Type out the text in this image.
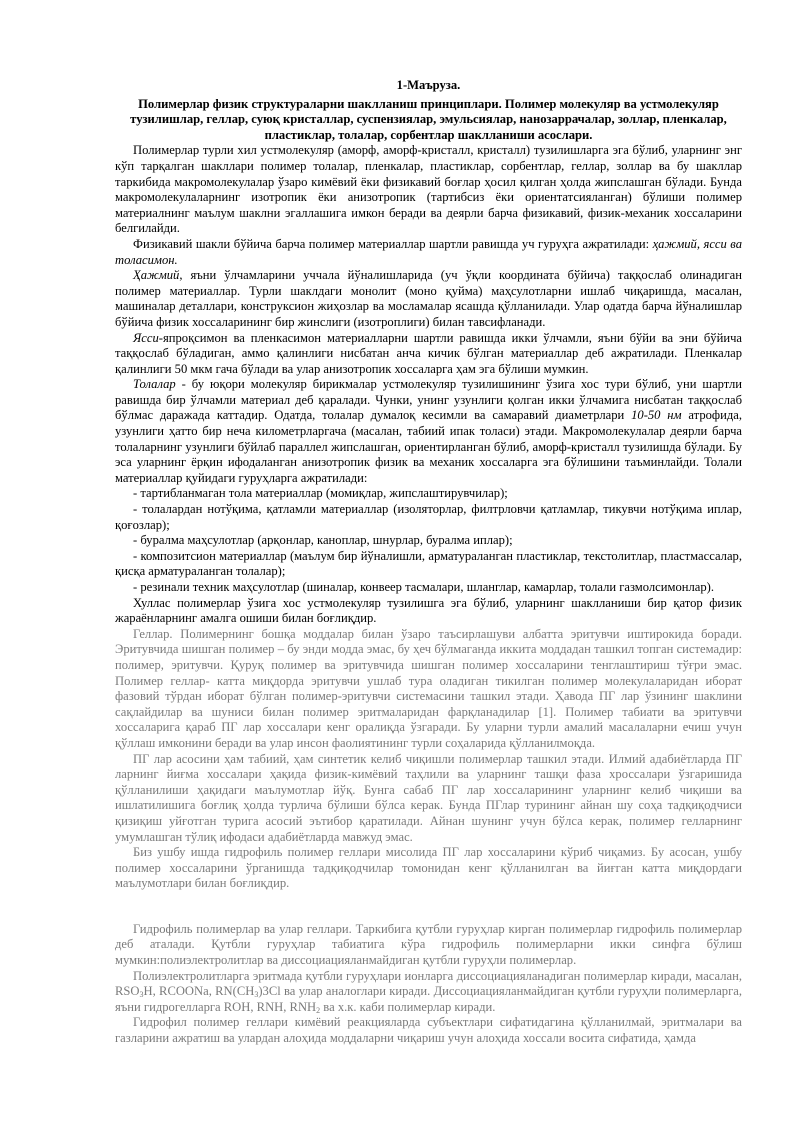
1-Маъруза.
Полимерлар физик структураларни шаклланиш принциплари. Полимер молекуляр ва устмолекуляр тузилишлар, геллар, суюқ кристаллар, суспензиялар, эмульсиялар, нанозаррачалар, золлар, пленкалар, пластиклар, толалар, сорбентлар шаклланиши асослари.

Полимерлар турли хил устмолекуляр (аморф, аморф-кристалл, кристалл) тузилишларга эга бўлиб, уларнинг энг кўп тарқалган шакллари полимер толалар, пленкалар, пластиклар, сорбентлар, геллар, золлар ва бу шакллар таркибида макромолекулалар ўзаро кимёвий ёки физикавий боғлар ҳосил қилган ҳолда жипслашган бўлади. Бунда макромолекулаларнинг изотропик ёки анизотропик (тартибсиз ёки ориентатсияланган) бўлиши полимер материалнинг маълум шаклни эгаллашига имкон беради ва деярли барча физикавий, физик-механик хоссаларини белгилайди.

Физикавий шакли бўйича барча полимер материаллар шартли равишда уч гуруҳга ажратилади: ҳажмий, ясси ва толасимон.

Ҳажмий, яъни ўлчамларини уччала йўналишларида (уч ўқли координата бўйича) таққослаб олинадиган полимер материаллар. Турли шаклдаги монолит (моно қуйма) маҳсулотларни ишлаб чиқаришда, масалан, машиналар деталлари, конструксион жиҳозлар ва мосламалар ясашда қўлланилади. Улар одатда барча йўналишлар бўйича физик хоссаларининг бир жинслиги (изотроплиги) билан тавсифланади.

Ясси-япроқсимон ва пленкасимон материалларни шартли равишда икки ўлчамли, яъни бўйи ва эни бўйича таққослаб бўладиган, аммо қалинлиги нисбатан анча кичик бўлган материаллар деб ажратилади. Пленкалар қалинлиги 50 мкм гача бўлади ва улар анизотропик хоссаларга ҳам эга бўлиши мумкин.

Толалар - бу юқори молекуляр бирикмалар устмолекуляр тузилишининг ўзига хос тури бўлиб, уни шартли равишда бир ўлчамли материал деб қаралади. Чунки, унинг узунлиги қолган икки ўлчамига нисбатан таққослаб бўлмас даражада каттадир. Одатда, толалар думалоқ кесимли ва самаравий диаметрлари 10-50 нм атрофида, узунлиги ҳатто бир неча километрларгача (масалан, табиий ипак толаси) этади. Макромолекулалар деярли барча толаларнинг узунлиги бўйлаб параллел жипслашган, ориентирланган бўлиб, аморф-кристалл тузилишда бўлади. Бу эса уларнинг ёрқин ифодаланган анизотропик физик ва механик хоссаларга эга бўлишини таъминлайди. Толали материаллар қуйидаги гуруҳларга ажратилади:

- тартибланмаган тола материаллар (момиқлар, жипслаштирувчилар);
- толалардан нотўқима, қатламли материаллар (изоляторлар, филтрловчи қатламлар, тикувчи нотўқима иплар, қоғозлар);
- буралма маҳсулотлар (арқонлар, каноплар, шнурлар, буралма иплар);
- композитсион материаллар (маълум бир йўналишли, арматураланган пластиклар, текстолитлар, пластмассалар, қисқа арматураланган толалар);
- резинали техник маҳсулотлар (шиналар, конвеер тасмалари, шланглар, камарлар, толали газмолсимонлар).

Хуллас полимерлар ўзига хос устмолекуляр тузилишга эга бўлиб, уларнинг шаклланиши бир қатор физик жараёнларнинг амалга ошиши билан боғлиқдир.

Геллар. Полимернинг бошқа моддалар билан ўзаро таъсирлашуви албатта эритувчи иштирокида боради. Эритувчида шишган полимер – бу энди модда эмас, бу ҳеч бўлмаганда иккита моддадан ташкил топган системадир: полимер, эритувчи. Қуруқ полимер ва эритувчида шишган полимер хоссаларини тенглаштириш тўғри эмас. Полимер геллар- катта миқдорда эритувчи ушлаб тура оладиган тикилган полимер молекулаларидан иборат фазовий тўрдан иборат бўлган полимер-эритувчи системасини ташкил этади. Ҳавода ПГ лар ўзининг шаклини сақлайдилар ва шуниси билан полимер эритмаларидан фарқланадилар [1]. Полимер табиати ва эритувчи хоссаларига қараб ПГ лар хоссалари кенг оралиқда ўзгаради. Бу уларни турли амалий масалаларни ечиш учун қўллаш имконини беради ва улар инсон фаолиятининг турли соҳаларида қўлланилмоқда.

ПГ лар асосини ҳам табиий, ҳам синтетик келиб чиқишли полимерлар ташкил этади. Илмий адабиётларда ПГ ларнинг йиғма хоссалари ҳақида физик-кимёвий таҳлили ва уларнинг ташқи фаза хроссалари ўзгаришида қўлланилиши ҳақидаги маълумотлар йўқ. Бунга сабаб ПГ лар хоссаларининг уларнинг келиб чиқиши ва ишлатилишига боғлиқ ҳолда турлича бўлиши бўлса керак. Бунда ПГлар турининг айнан шу соҳа тадқиқодчиси қизиқиш уйғотган турига асосий эътибор қаратилади. Айнан шунинг учун бўлса керак, полимер гелларнинг умумлашган тўлиқ ифодаси адабиётларда мавжуд эмас.

Биз ушбу ишда гидрофиль полимер геллари мисолида ПГ лар хоссаларини кўриб чиқамиз. Бу асосан, ушбу полимер хоссаларини ўрганишда тадқиқодчилар томонидан кенг қўлланилган ва йиғган катта миқдордаги маълумотлари билан боғлиқдир.

Гидрофиль полимерлар ва улар геллари. Таркибига қутбли гуруҳлар кирган полимерлар гидрофиль полимерлар деб аталади. Қутбли гуруҳлар табиатига кўра гидрофиль полимерларни икки синфга бўлиш мумкин:полиэлектролитлар ва диссоциацияланмайдиган қутбли гуруҳли полимерлар.

Полиэлектролитларга эритмада қутбли гуруҳлари ионларга диссоциацияланадиган полимерлар киради, масалан, $RSO_3H$, RCOONa, $RN(CH_3)3Cl$ ва улар аналоглари киради. Диссоциацияланмайдиган қутбли гуруҳли полимерларга, яъни гидрогелларга ROH, RNH, $RNH_2$ ва х.к. каби полимерлар киради.

Гидрофил полимер геллари кимёвий реакцияларда субъектлари сифатидагина қўлланилмай, эритмалари ва газларини ажратиш ва улардан алоҳида моддаларни чиқариш учун алоҳида хоссали восита сифатида, ҳамда
